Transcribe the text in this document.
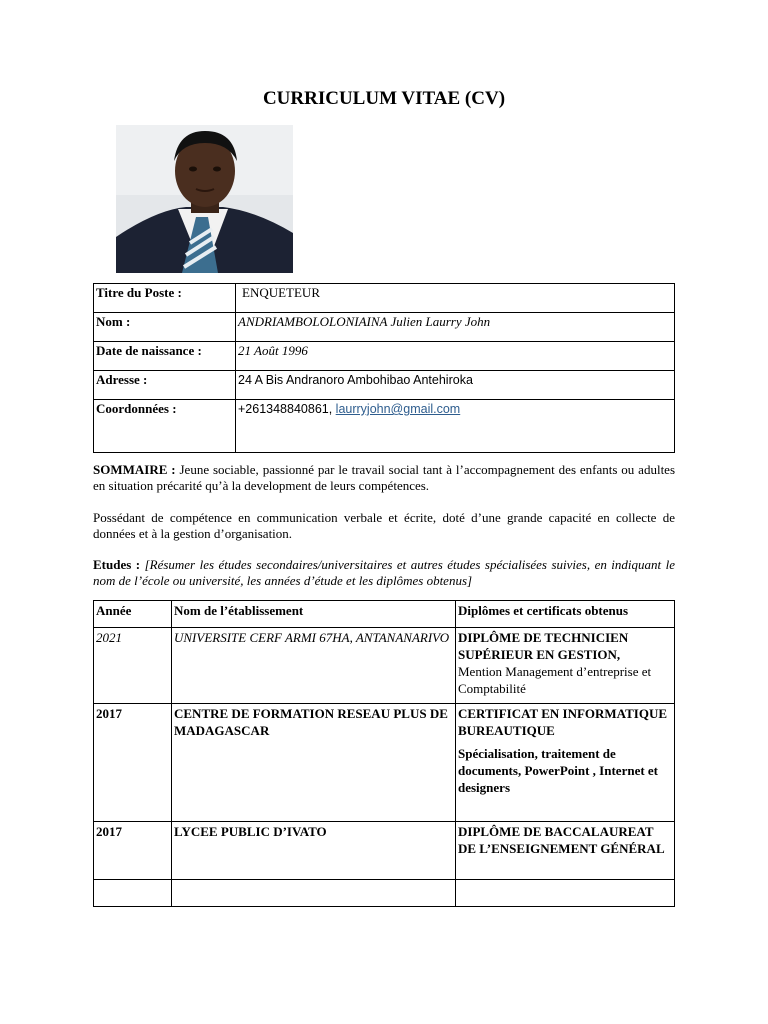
CURRICULUM VITAE (CV)
Titre du Poste :	ENQUETEUR
Nom :	ANDRIAMBOLOLONIAINA Julien Laurry John
Date de naissance :	21 Août 1996
Adresse :	24 A Bis Andranoro Ambohibao Antehiroka
Coordonnées :	+261348840861, laurryjohn@gmail.com
SOMMAIRE : Jeune sociable, passionné par le travail social tant à l’accompagnement des enfants ou adultes en situation précarité qu’à la development de leurs compétences.
Possédant de compétence en communication verbale et écrite, doté d’une grande capacité en collecte de données et à la gestion d’organisation.
Etudes : [Résumer les études secondaires/universitaires et autres études spécialisées suivies, en indiquant le nom de l’école ou université, les années d’étude et les diplômes obtenus]
Année	Nom de l’établissement	Diplômes et certificats obtenus
2021	UNIVERSITE CERF ARMI 67HA, ANTANANARIVO	DIPLÔME DE TECHNICIEN SUPÉRIEUR EN GESTION,
Mention Management d’entreprise et Comptabilité

2017	CENTRE DE FORMATION RESEAU PLUS DE MADAGASCAR	CERTIFICAT EN INFORMATIQUE BUREAUTIQUE
Spécialisation, traitement de documents, PowerPoint , Internet et designers

2017	LYCEE PUBLIC D’IVATO	DIPLÔME DE BACCALAUREAT DE L’ENSEIGNEMENT GÉNÉRAL
